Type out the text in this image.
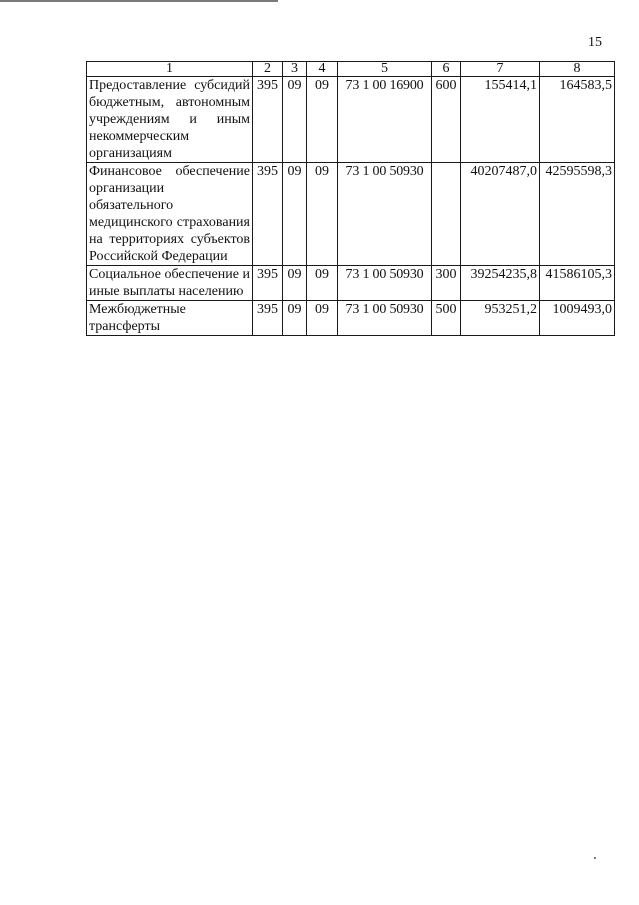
15
1	2	3	4	5	6	7	8
Предоставление субсидий бюджетным, автономным учреждениям и иным некоммерческим организациям	395	09	09	73 1 00 16900	600	155414,1	164583,5
Финансовое обеспечение организации обязательного медицинского страхования на территориях субъектов Российской Федерации	395	09	09	73 1 00 50930		40207487,0	42595598,3
Социальное обеспечение и иные выплаты населению	395	09	09	73 1 00 50930	300	39254235,8	41586105,3
Межбюджетные трансферты	395	09	09	73 1 00 50930	500	953251,2	1009493,0
